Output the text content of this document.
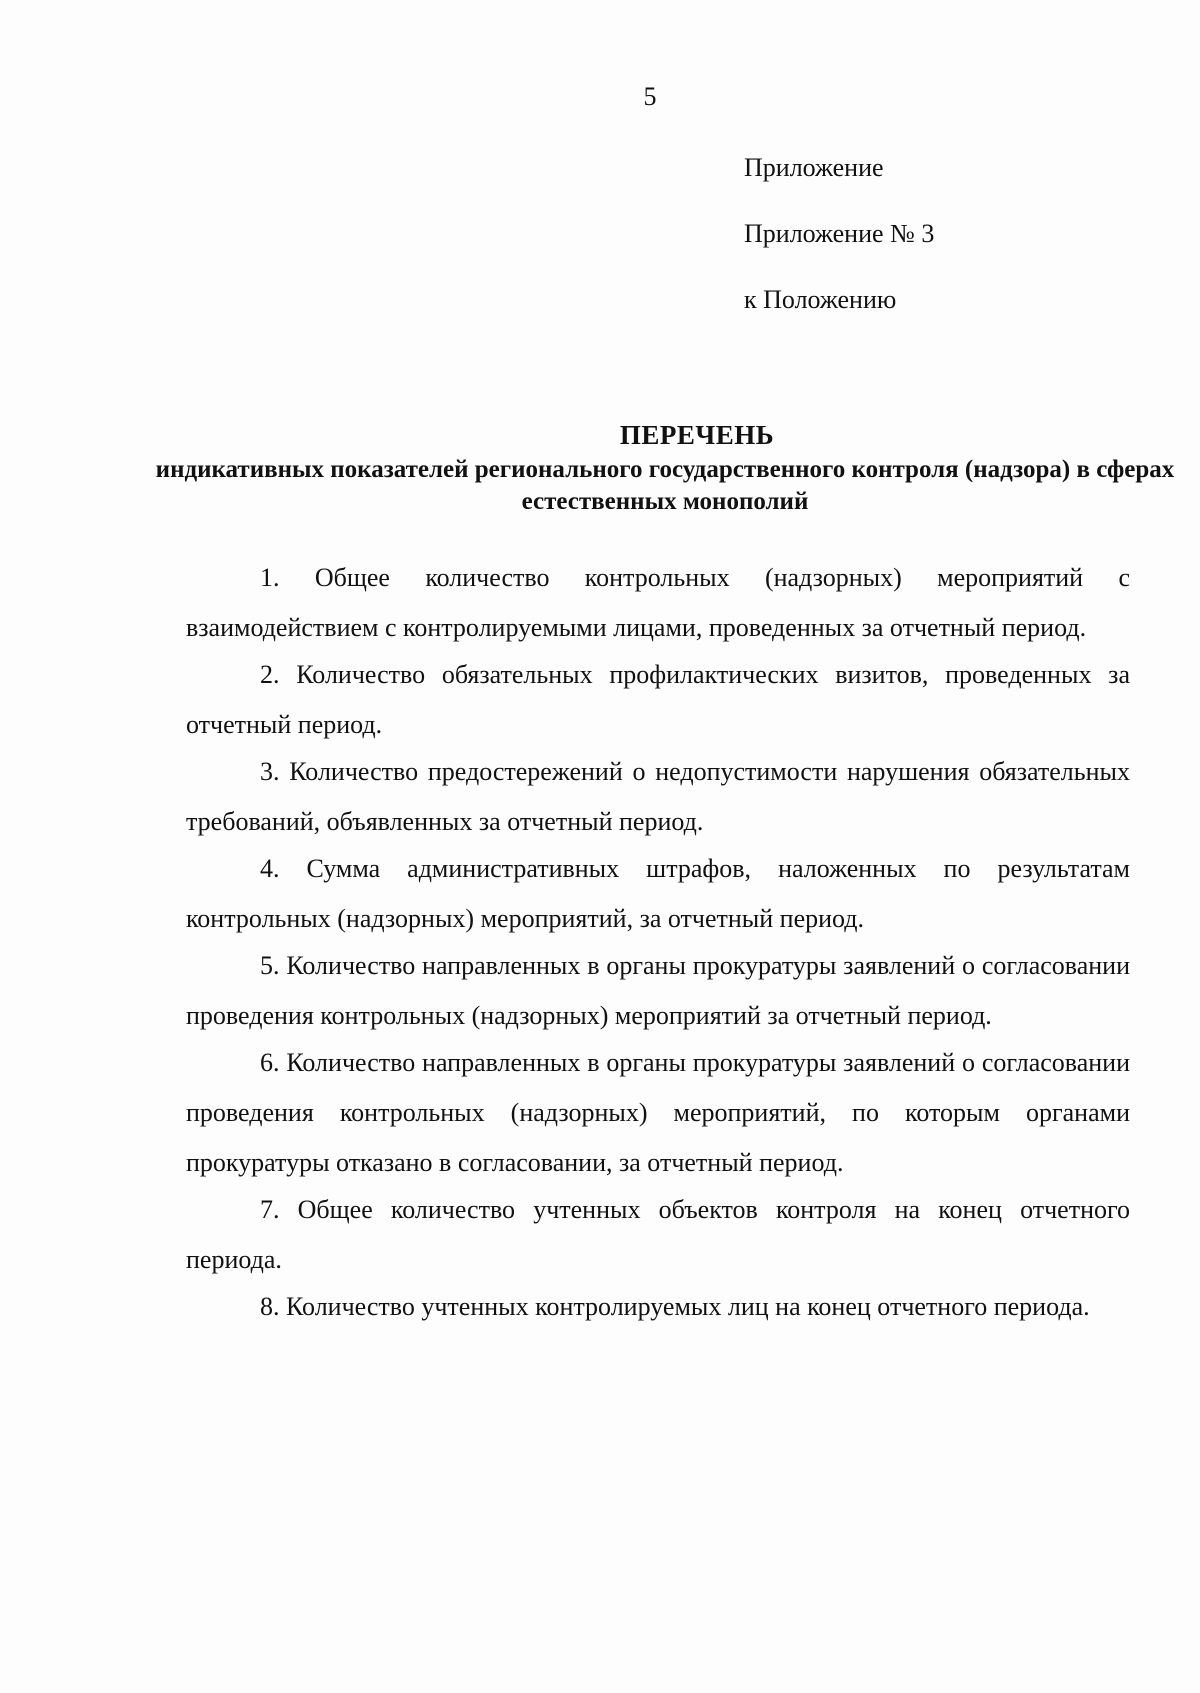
5
Приложение
Приложение № 3
к Положению
ПЕРЕЧЕНЬ
индикативных показателей регионального государственного контроля (надзора) в сферах естественных монополий

1. Общее количество контрольных (надзорных) мероприятий с взаимодействием с контролируемыми лицами, проведенных за отчетный период.

2. Количество обязательных профилактических визитов, проведенных за отчетный период.

3. Количество предостережений о недопустимости нарушения обязательных требований, объявленных за отчетный период.

4. Сумма административных штрафов, наложенных по результатам контрольных (надзорных) мероприятий, за отчетный период.

5. Количество направленных в органы прокуратуры заявлений о согласовании проведения контрольных (надзорных) мероприятий за отчетный период.

6. Количество направленных в органы прокуратуры заявлений о согласовании проведения контрольных (надзорных) мероприятий, по которым органами прокуратуры отказано в согласовании, за отчетный период.

7. Общее количество учтенных объектов контроля на конец отчетного периода.

8. Количество учтенных контролируемых лиц на конец отчетного периода.
